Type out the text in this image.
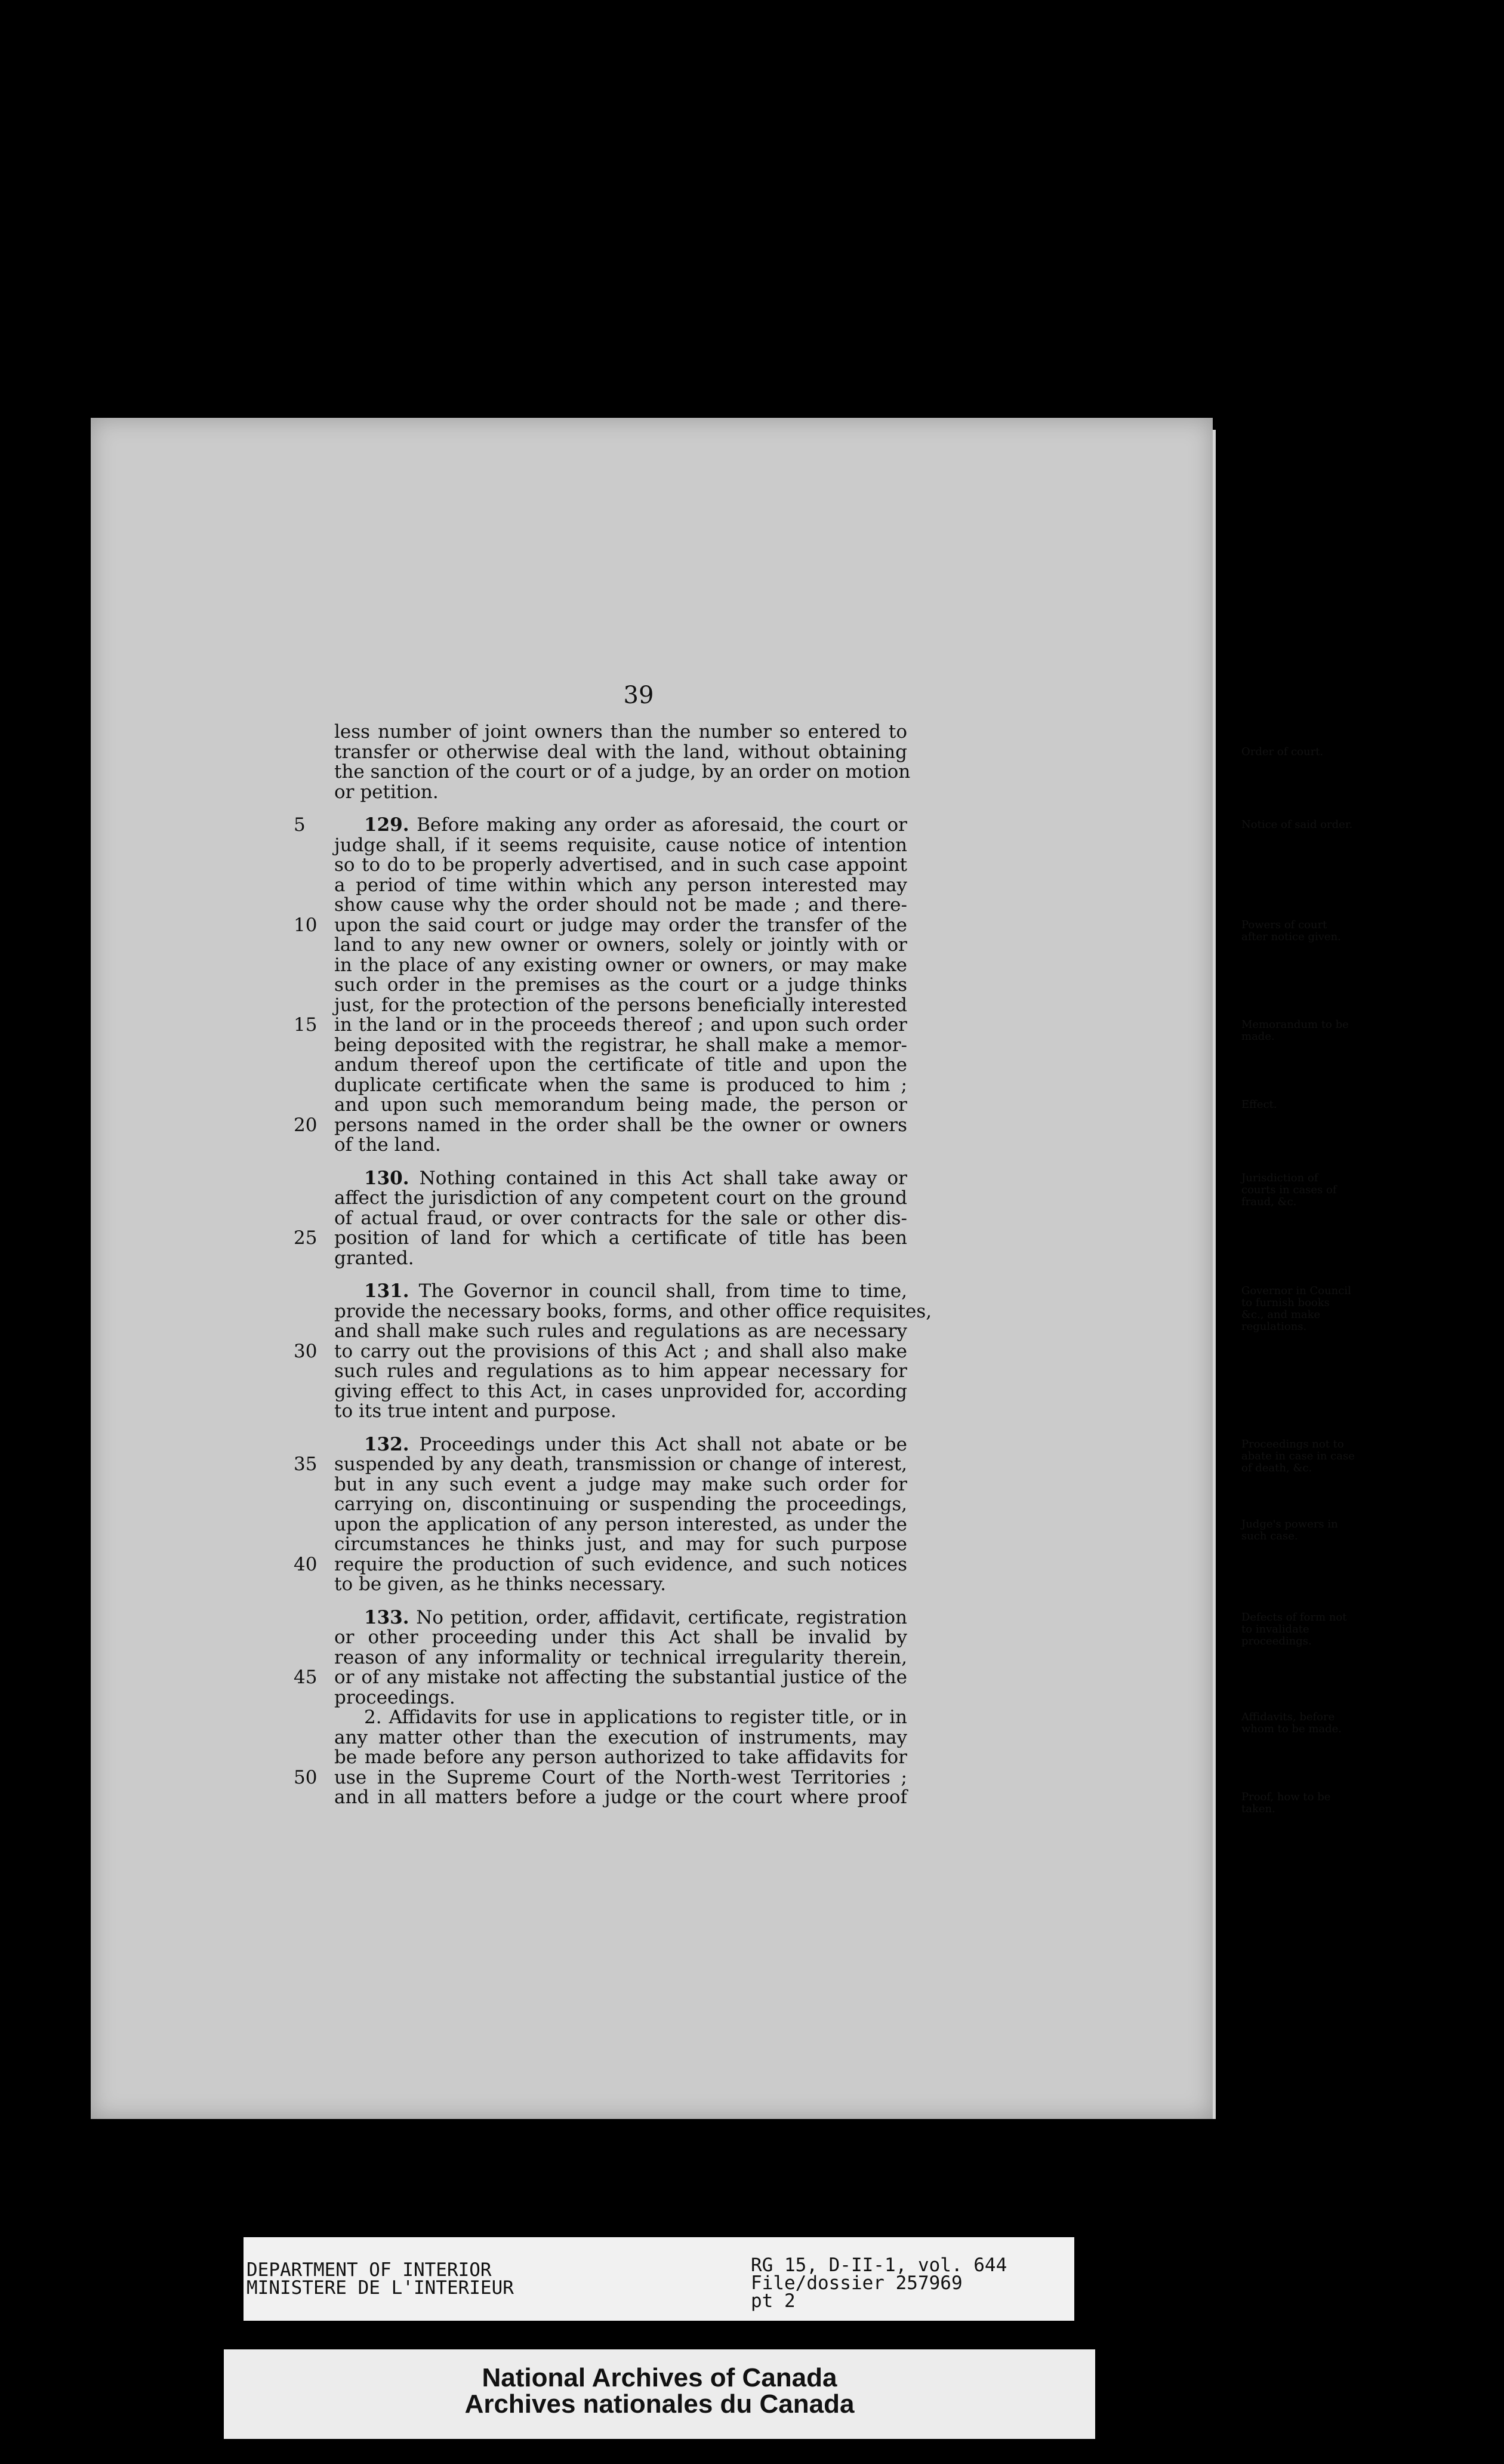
39
Order of court.
Notice of said order.
Powers of court after notice given.
Memorandum to be made.
Effect.
Jurisdiction of courts in cases of fraud, &c.
Governor in Council to furnish books &c., and make regulations.
Proceedings not to abate in case in case of death, &c.
Judge's powers in such case.
Defects of form not to invalidate proceedings.
Affidavits, before whom to be made.
Proof, how to be taken.
less number of joint owners than the number so entered to
transfer or otherwise deal with the land, without obtaining
the sanction of the court or of a judge, by an order on motion
or petition.
5	129. Before making any order as aforesaid, the court or
judge shall, if it seems requisite, cause notice of intention
so to do to be properly advertised, and in such case appoint
a period of time within which any person interested may
show cause why the order should not be made ; and there-
10 upon the said court or judge may order the transfer of the
land to any new owner or owners, solely or jointly with or
in the place of any existing owner or owners, or may make
such order in the premises as the court or a judge thinks
just, for the protection of the persons beneficially interested
15 in the land or in the proceeds thereof ; and upon such order
being deposited with the registrar, he shall make a memor-
andum thereof upon the certificate of title and upon the
duplicate certificate when the same is produced to him ;
and upon such memorandum being made, the person or
20 persons named in the order shall be the owner or owners
of the land.
130. Nothing contained in this Act shall take away or
affect the jurisdiction of any competent court on the ground
of actual fraud, or over contracts for the sale or other dis-
25 position of land for which a certificate of title has been
granted.
131. The Governor in council shall, from time to time,
provide the necessary books, forms, and other office requisites,
and shall make such rules and regulations as are necessary
30 to carry out the provisions of this Act ; and shall also make
such rules and regulations as to him appear necessary for
giving effect to this Act, in cases unprovided for, according
to its true intent and purpose.
132. Proceedings under this Act shall not abate or be
35 suspended by any death, transmission or change of interest,
but in any such event a judge may make such order for
carrying on, discontinuing or suspending the proceedings,
upon the application of any person interested, as under the
circumstances he thinks just, and may for such purpose
40 require the production of such evidence, and such notices
to be given, as he thinks necessary.
133. No petition, order, affidavit, certificate, registration
or other proceeding under this Act shall be invalid by
reason of any informality or technical irregularity therein,
45 or of any mistake not affecting the substantial justice of the
proceedings.
2. Affidavits for use in applications to register title, or in
any matter other than the execution of instruments, may
be made before any person authorized to take affidavits for
50 use in the Supreme Court of the North-west Territories ;
and in all matters before a judge or the court where proof
DEPARTMENT OF INTERIOR
MINISTERE DE L'INTERIEUR
RG 15, D-II-1, vol. 644
File/dossier 257969
pt 2
National Archives of Canada
Archives nationales du Canada
